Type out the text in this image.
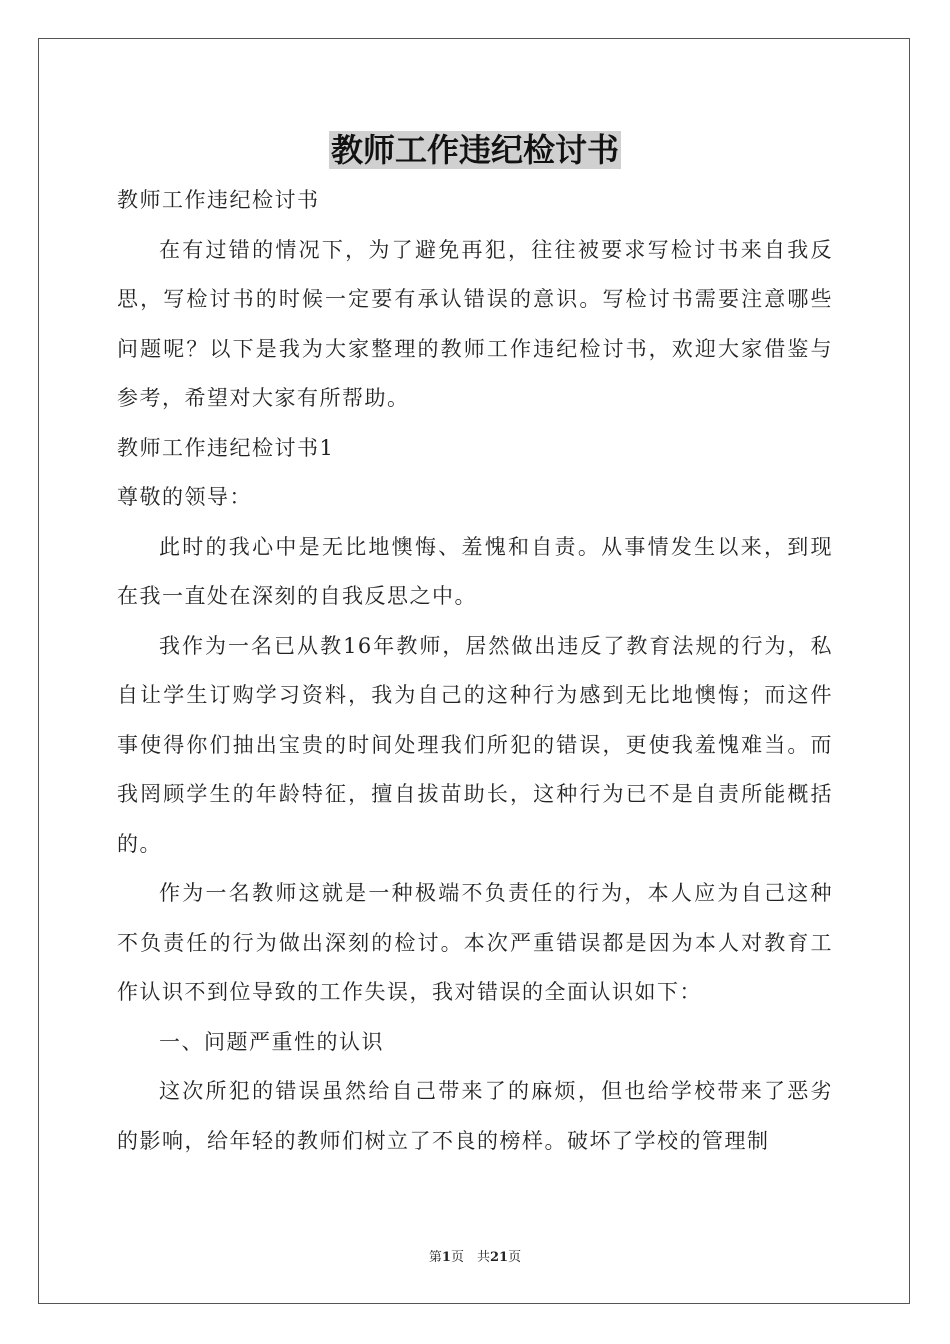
教师工作违纪检讨书
教师工作违纪检讨书

在有过错的情况下，为了避免再犯，往往被要求写检讨书来自我反思，写检讨书的时候一定要有承认错误的意识。写检讨书需要注意哪些问题呢？以下是我为大家整理的教师工作违纪检讨书，欢迎大家借鉴与参考，希望对大家有所帮助。

教师工作违纪检讨书1
尊敬的领导：

此时的我心中是无比地懊悔、羞愧和自责。从事情发生以来，到现在我一直处在深刻的自我反思之中。

我作为一名已从教16年教师，居然做出违反了教育法规的行为，私自让学生订购学习资料，我为自己的这种行为感到无比地懊悔；而这件事使得你们抽出宝贵的时间处理我们所犯的错误，更使我羞愧难当。而我罔顾学生的年龄特征，擅自拔苗助长，这种行为已不是自责所能概括的。

作为一名教师这就是一种极端不负责任的行为，本人应为自己这种不负责任的行为做出深刻的检讨。本次严重错误都是因为本人对教育工作认识不到位导致的工作失误，我对错误的全面认识如下：

一、问题严重性的认识

这次所犯的错误虽然给自己带来了的麻烦，但也给学校带来了恶劣的影响，给年轻的教师们树立了不良的榜样。破坏了学校的管理制

第1页　共21页
